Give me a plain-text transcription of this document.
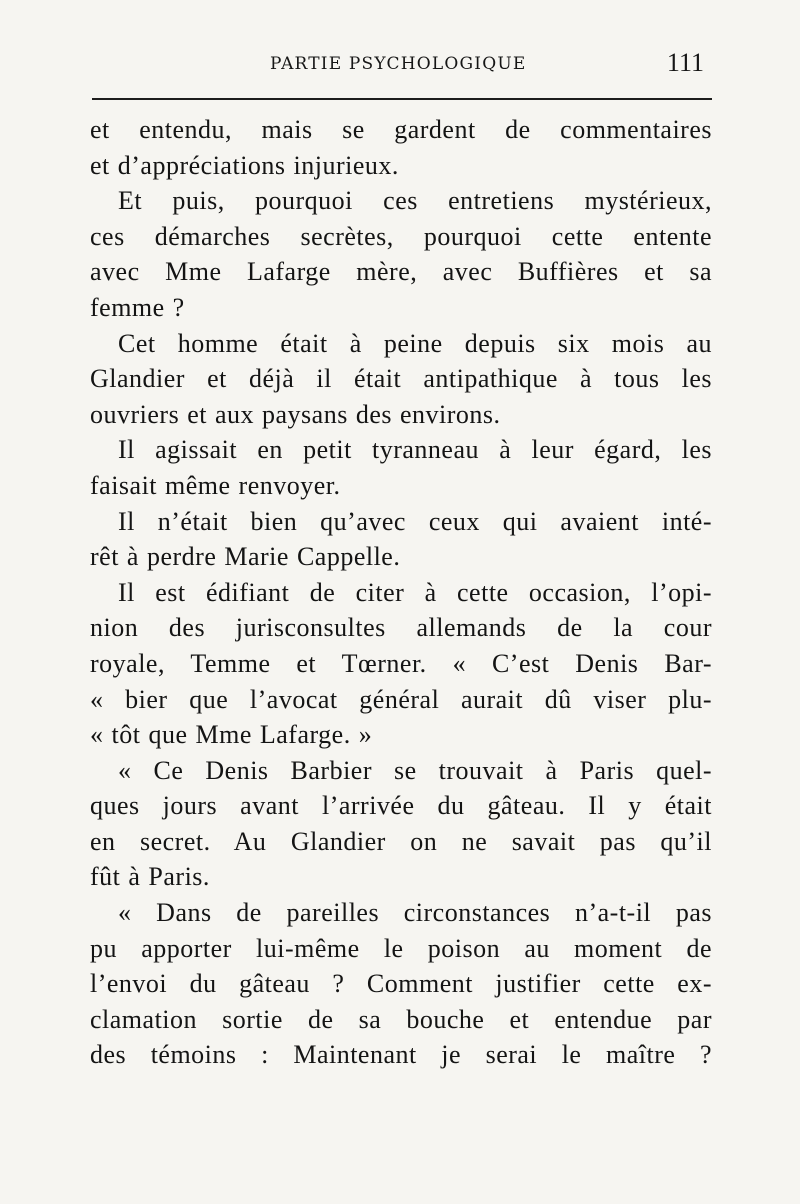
PARTIE PSYCHOLOGIQUE	111
et entendu, mais se gardent de commentaires
et d’appréciations injurieux.
Et puis, pourquoi ces entretiens mystérieux,
ces démarches secrètes, pourquoi cette entente
avec Mme Lafarge mère, avec Buffières et sa
femme ?
Cet homme était à peine depuis six mois au
Glandier et déjà il était antipathique à tous les
ouvriers et aux paysans des environs.
Il agissait en petit tyranneau à leur égard, les
faisait même renvoyer.
Il n’était bien qu’avec ceux qui avaient inté-
rêt à perdre Marie Cappelle.
Il est édifiant de citer à cette occasion, l’opi-
nion des jurisconsultes allemands de la cour
royale, Temme et Tœrner. « C’est Denis Bar-
« bier que l’avocat général aurait dû viser plu-
« tôt que Mme Lafarge. »
« Ce Denis Barbier se trouvait à Paris quel-
ques jours avant l’arrivée du gâteau. Il y était
en secret. Au Glandier on ne savait pas qu’il
fût à Paris.
« Dans de pareilles circonstances n’a-t-il pas
pu apporter lui-même le poison au moment de
l’envoi du gâteau ? Comment justifier cette ex-
clamation sortie de sa bouche et entendue par
des témoins : Maintenant je serai le maître ?
